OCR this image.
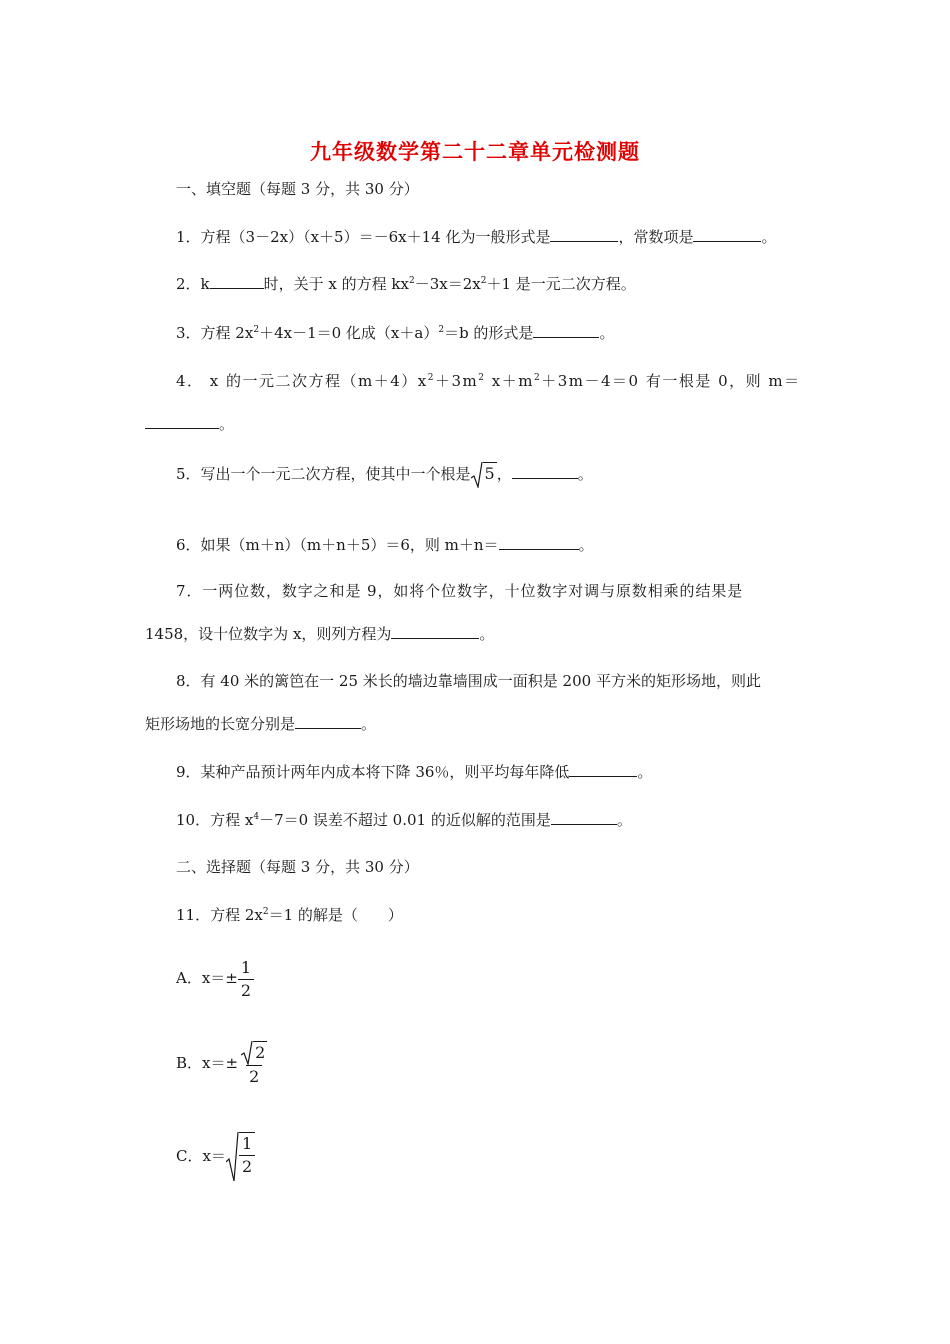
九年级数学第二十二章单元检测题
一、填空题（每题 3 分，共 30 分）
1．方程（3－2x）（x＋5）＝－6x＋14 化为一般形式是	，常数项是	。
2．k	时，关于 x 的方程 $kx^2-3x=2x^2+1$ 是一元二次方程。
3．方程 $2x^2+4x-1=0$ 化成$(x+a)^2=b$ 的形式是	。
4． x 的一元二次方程$(m+4)x^2+3m^2$ $x+m^2+3m-4=0$ 有一根是 0，则 m＝
。
5．写出一个一元二次方程，使其中一个根是 5 ，	。
6．如果（m＋n）（m＋n＋5）＝6，则 m＋n＝	。
7．一两位数，数字之和是 9，如将个位数字，十位数字对调与原数相乘的结果是
1458，设十位数字为 x，则列方程为	。
8．有 40 米的篱笆在一 25 米长的墙边靠墙围成一面积是 200 平方米的矩形场地，则此
矩形场地的长宽分别是	。
9．某种产品预计两年内成本将下降 36％，则平均每年降低	。
10．方程 $x^4-7=0$ 误差不超过 0.01 的近似解的范围是	。
二、选择题（每题 3 分，共 30 分）
11．方程 $2x^2=1$ 的解是（　　）
A．$x=\pm \frac{1}{2}$
B．$x=\pm \frac{2}{2}$
C．$x= \frac{1}{2}$
